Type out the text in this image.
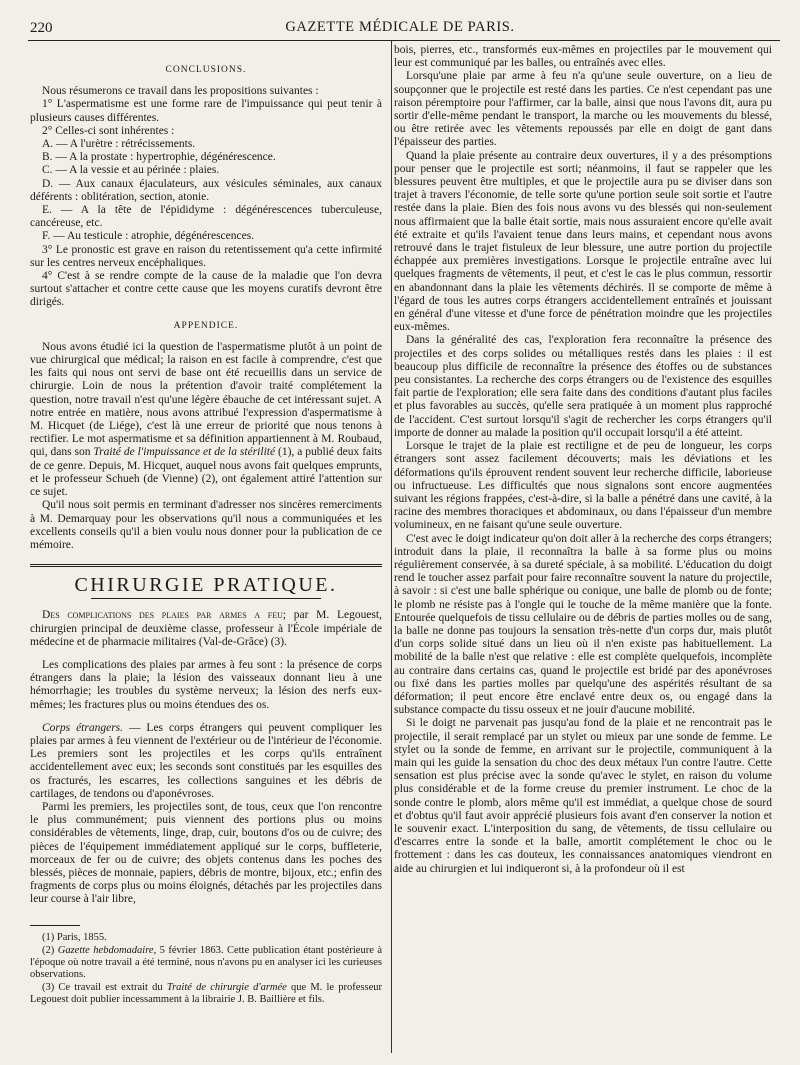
220	GAZETTE MÉDICALE DE PARIS.
CONCLUSIONS.

Nous résumerons ce travail dans les propositions suivantes :

1° L'aspermatisme est une forme rare de l'impuissance qui peut tenir à plusieurs causes différentes.

2° Celles-ci sont inhérentes :

A. — A l'urètre : rétrécissements.

B. — A la prostate : hypertrophie, dégénérescence.

C. — A la vessie et au périnée : plaies.

D. — Aux canaux éjaculateurs, aux vésicules séminales, aux canaux déférents : oblitération, section, atonie.

E. — A la tête de l'épididyme : dégénérescences tuberculeuse, cancéreuse, etc.

F. — Au testicule : atrophie, dégénérescences.

3° Le pronostic est grave en raison du retentissement qu'a cette infirmité sur les centres nerveux encéphaliques.

4° C'est à se rendre compte de la cause de la maladie que l'on devra surtout s'attacher et contre cette cause que les moyens curatifs devront être dirigés.

APPENDICE.

Nous avons étudié ici la question de l'aspermatisme plutôt à un point de vue chirurgical que médical; la raison en est facile à comprendre, c'est que les faits qui nous ont servi de base ont été recueillis dans un service de chirurgie. Loin de nous la prétention d'avoir traité complétement la question, notre travail n'est qu'une légère ébauche de cet intéressant sujet. A notre entrée en matière, nous avons attribué l'expression d'aspermatisme à M. Hicquet (de Liége), c'est là une erreur de priorité que nous tenons à rectifier. Le mot aspermatisme et sa définition appartiennent à M. Roubaud, qui, dans son Traité de l'impuissance et de la stérilité (1), a publié deux faits de ce genre. Depuis, M. Hicquet, auquel nous avons fait quelques emprunts, et le professeur Schueh (de Vienne) (2), ont également attiré l'attention sur ce sujet.

Qu'il nous soit permis en terminant d'adresser nos sincères remerciments à M. Demarquay pour les observations qu'il nous a communiquées et les excellents conseils qu'il a bien voulu nous donner pour la publication de ce mémoire.

CHIRURGIE PRATIQUE.

Des complications des plaies par armes a feu; par M. Legouest, chirurgien principal de deuxième classe, professeur à l'École impériale de médecine et de pharmacie militaires (Val-de-Grâce) (3).

Les complications des plaies par armes à feu sont : la présence de corps étrangers dans la plaie; la lésion des vaisseaux donnant lieu à une hémorrhagie; les troubles du système nerveux; la lésion des nerfs eux-mêmes; les fractures plus ou moins étendues des os.

Corps étrangers. — Les corps étrangers qui peuvent compliquer les plaies par armes à feu viennent de l'extérieur ou de l'intérieur de l'économie. Les premiers sont les projectiles et les corps qu'ils entraînent accidentellement avec eux; les seconds sont constitués par les esquilles des os fracturés, les escarres, les collections sanguines et les débris de cartilages, de tendons ou d'aponévroses.

Parmi les premiers, les projectiles sont, de tous, ceux que l'on rencontre le plus communément; puis viennent des portions plus ou moins considérables de vêtements, linge, drap, cuir, boutons d'os ou de cuivre; des pièces de l'équipement immédiatement appliqué sur le corps, buffleterie, morceaux de fer ou de cuivre; des objets contenus dans les poches des blessés, pièces de monnaie, papiers, débris de montre, bijoux, etc.; enfin des fragments de corps plus ou moins éloignés, détachés par les projectiles dans leur course à l'air libre,

(1) Paris, 1855.

(2) Gazette hebdomadaire, 5 février 1863. Cette publication étant postérieure à l'époque où notre travail a été terminé, nous n'avons pu en analyser ici les curieuses observations.

(3) Ce travail est extrait du Traité de chirurgie d'armée que M. le professeur Legouest doit publier incessamment à la librairie J. B. Baillière et fils.

bois, pierres, etc., transformés eux-mêmes en projectiles par le mouvement qui leur est communiqué par les balles, ou entraînés avec elles.

Lorsqu'une plaie par arme à feu n'a qu'une seule ouverture, on a lieu de soupçonner que le projectile est resté dans les parties. Ce n'est cependant pas une raison péremptoire pour l'affirmer, car la balle, ainsi que nous l'avons dit, aura pu sortir d'elle-même pendant le transport, la marche ou les mouvements du blessé, ou être retirée avec les vêtements repoussés par elle en doigt de gant dans l'épaisseur des parties.

Quand la plaie présente au contraire deux ouvertures, il y a des présomptions pour penser que le projectile est sorti; néanmoins, il faut se rappeler que les blessures peuvent être multiples, et que le projectile aura pu se diviser dans son trajet à travers l'économie, de telle sorte qu'une portion seule soit sortie et l'autre restée dans la plaie. Bien des fois nous avons vu des blessés qui non-seulement nous affirmaient que la balle était sortie, mais nous assuraient encore qu'elle avait été extraite et qu'ils l'avaient tenue dans leurs mains, et cependant nous avons retrouvé dans le trajet fistuleux de leur blessure, une autre portion du projectile échappée aux premières investigations. Lorsque le projectile entraîne avec lui quelques fragments de vêtements, il peut, et c'est le cas le plus commun, ressortir en abandonnant dans la plaie les vêtements déchirés. Il se comporte de même à l'égard de tous les autres corps étrangers accidentellement entraînés et jouissant en général d'une vitesse et d'une force de pénétration moindre que les projectiles eux-mêmes.

Dans la généralité des cas, l'exploration fera reconnaître la présence des projectiles et des corps solides ou métalliques restés dans les plaies : il est beaucoup plus difficile de reconnaître la présence des étoffes ou de substances peu consistantes. La recherche des corps étrangers ou de l'existence des esquilles fait partie de l'exploration; elle sera faite dans des conditions d'autant plus faciles et plus favorables au succès, qu'elle sera pratiquée à un moment plus rapproché de l'accident. C'est surtout lorsqu'il s'agit de rechercher les corps étrangers qu'il importe de donner au malade la position qu'il occupait lorsqu'il a été atteint.

Lorsque le trajet de la plaie est rectiligne et de peu de longueur, les corps étrangers sont assez facilement découverts; mais les déviations et les déformations qu'ils éprouvent rendent souvent leur recherche difficile, laborieuse ou infructueuse. Les difficultés que nous signalons sont encore augmentées suivant les régions frappées, c'est-à-dire, si la balle a pénétré dans une cavité, à la racine des membres thoraciques et abdominaux, ou dans l'épaisseur d'un membre volumineux, en ne faisant qu'une seule ouverture.

C'est avec le doigt indicateur qu'on doit aller à la recherche des corps étrangers; introduit dans la plaie, il reconnaîtra la balle à sa forme plus ou moins régulièrement conservée, à sa dureté spéciale, à sa mobilité. L'éducation du doigt rend le toucher assez parfait pour faire reconnaître souvent la nature du projectile, à savoir : si c'est une balle sphérique ou conique, une balle de plomb ou de fonte; le plomb ne résiste pas à l'ongle qui le touche de la même manière que la fonte. Entourée quelquefois de tissu cellulaire ou de débris de parties molles ou de sang, la balle ne donne pas toujours la sensation très-nette d'un corps dur, mais plutôt d'un corps solide situé dans un lieu où il n'en existe pas habituellement. La mobilité de la balle n'est que relative : elle est complète quelquefois, incomplète au contraire dans certains cas, quand le projectile est bridé par des aponévroses ou fixé dans les parties molles par quelqu'une des aspérités résultant de sa déformation; il peut encore être enclavé entre deux os, ou engagé dans la substance compacte du tissu osseux et ne jouir d'aucune mobilité.

Si le doigt ne parvenait pas jusqu'au fond de la plaie et ne rencontrait pas le projectile, il serait remplacé par un stylet ou mieux par une sonde de femme. Le stylet ou la sonde de femme, en arrivant sur le projectile, communiquent à la main qui les guide la sensation du choc des deux métaux l'un contre l'autre. Cette sensation est plus précise avec la sonde qu'avec le stylet, en raison du volume plus considérable et de la forme creuse du premier instrument. Le choc de la sonde contre le plomb, alors même qu'il est immédiat, a quelque chose de sourd et d'obtus qu'il faut avoir apprécié plusieurs fois avant d'en conserver la notion et le souvenir exact. L'interposition du sang, de vêtements, de tissu cellulaire ou d'escarres entre la sonde et la balle, amortit complétement le choc ou le frottement : dans les cas douteux, les connaissances anatomiques viendront en aide au chirurgien et lui indiqueront si, à la profondeur où il est
